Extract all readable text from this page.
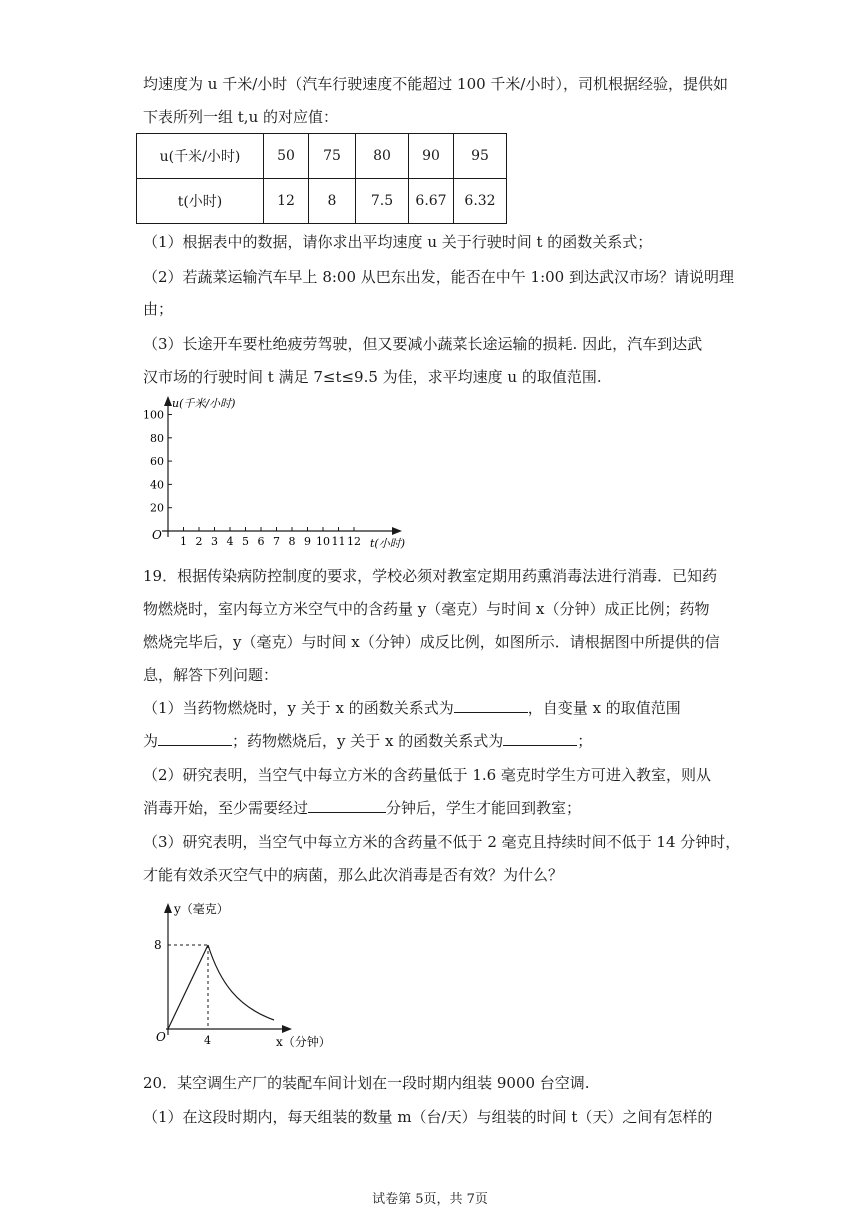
均速度为 u 千米/小时（汽车行驶速度不能超过 100 千米/小时），司机根据经验，提供如
下表所列一组 t,u 的对应值：
u(千米/小时)	50	75	80	90	95
t(小时)	12	8	7.5	6.67	6.32
（1）根据表中的数据，请你求出平均速度 u 关于行驶时间 t 的函数关系式；
（2）若蔬菜运输汽车早上 8:00 从巴东出发，能否在中午 1:00 到达武汉市场？请说明理
由；
（3）长途开车要杜绝疲劳驾驶，但又要减小蔬菜长途运输的损耗. 因此，汽车到达武
汉市场的行驶时间 t 满足 7≤t≤9.5 为佳，求平均速度 u 的取值范围.
20
40
60
80
100
1 2 3 4 5 6 7 8 9 10 11 12
u(千米/小时)
t(小时)
O
19．根据传染病防控制度的要求，学校必须对教室定期用药熏消毒法进行消毒．已知药
物燃烧时，室内每立方米空气中的含药量 y（毫克）与时间 x（分钟）成正比例；药物
燃烧完毕后，y（毫克）与时间 x（分钟）成反比例，如图所示．请根据图中所提供的信
息，解答下列问题：
（1）当药物燃烧时，y 关于 x 的函数关系式为	，自变量 x 的取值范围
为	；药物燃烧后，y 关于 x 的函数关系式为	；
（2）研究表明，当空气中每立方米的含药量低于 1.6 毫克时学生方可进入教室，则从
消毒开始，至少需要经过	分钟后，学生才能回到教室；
（3）研究表明，当空气中每立方米的含药量不低于 2 毫克且持续时间不低于 14 分钟时，
才能有效杀灭空气中的病菌，那么此次消毒是否有效？为什么？
y（毫克）
x（分钟）
8
4
O
20．某空调生产厂的装配车间计划在一段时期内组装 9000 台空调.
（1）在这段时期内，每天组装的数量 m（台/天）与组装的时间 t（天）之间有怎样的
试卷第 5页，共 7页
